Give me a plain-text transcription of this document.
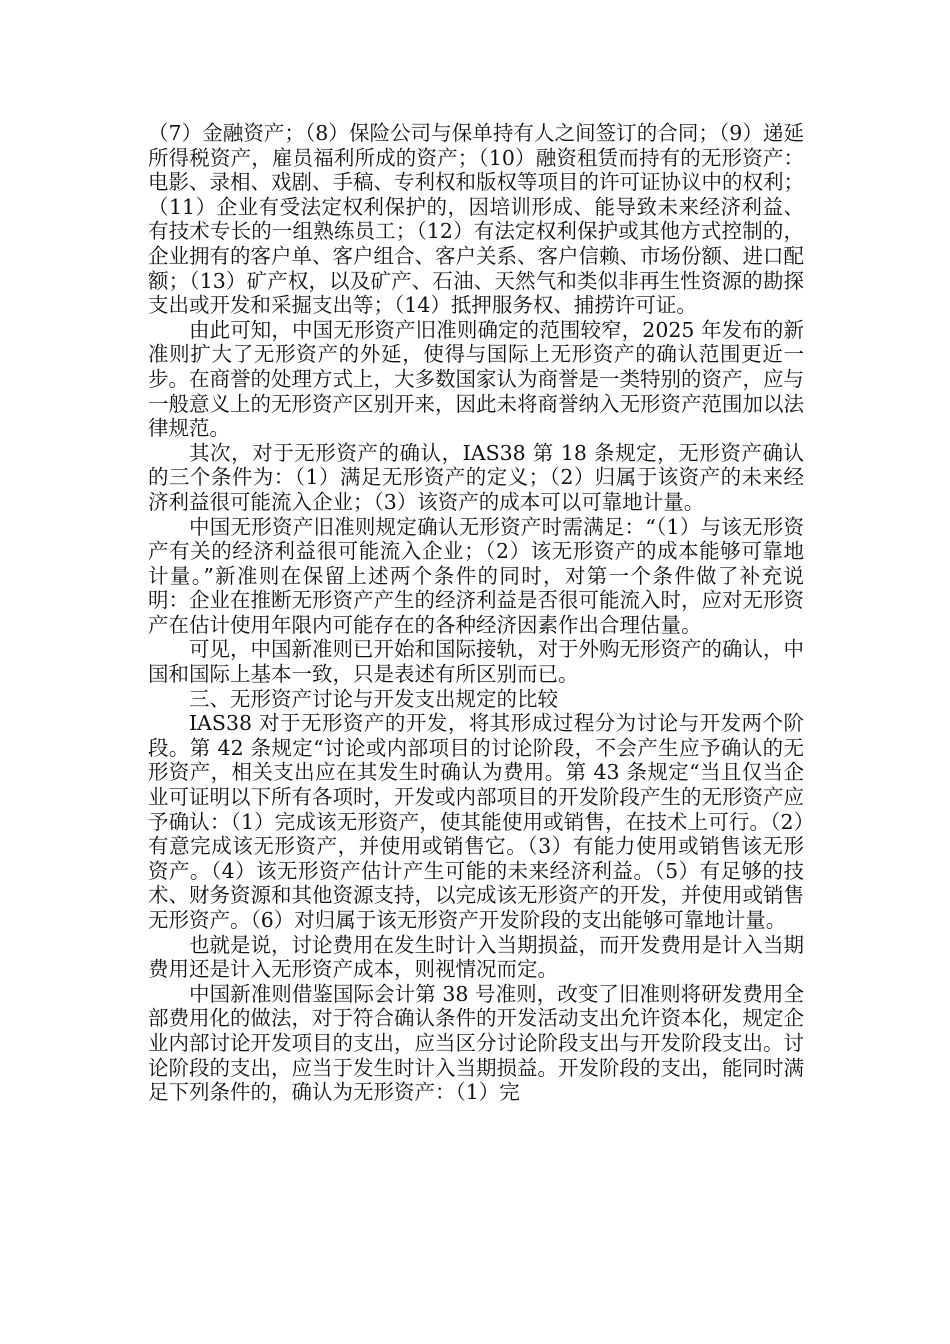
（7）金融资产；（8）保险公司与保单持有人之间签订的合同；（9）递延所得税资产，雇员福利所成的资产；（10）融资租赁而持有的无形资产：电影、录相、戏剧、手稿、专利权和版权等项目的许可证协议中的权利；（11）企业有受法定权利保护的，因培训形成、能导致未来经济利益、有技术专长的一组熟练员工；（12）有法定权利保护或其他方式控制的，企业拥有的客户单、客户组合、客户关系、客户信赖、市场份额、进口配额；（13）矿产权，以及矿产、石油、天然气和类似非再生性资源的勘探支出或开发和采掘支出等；（14）抵押服务权、捕捞许可证。

由此可知，中国无形资产旧准则确定的范围较窄，2025 年发布的新准则扩大了无形资产的外延，使得与国际上无形资产的确认范围更近一步。在商誉的处理方式上，大多数国家认为商誉是一类特别的资产，应与一般意义上的无形资产区别开来，因此未将商誉纳入无形资产范围加以法律规范。

其次，对于无形资产的确认，IAS38 第 18 条规定，无形资产确认的三个条件为：（1）满足无形资产的定义；（2）归属于该资产的未来经济利益很可能流入企业；（3）该资产的成本可以可靠地计量。

中国无形资产旧准则规定确认无形资产时需满足：“（1）与该无形资产有关的经济利益很可能流入企业；（2）该无形资产的成本能够可靠地计量。”新准则在保留上述两个条件的同时，对第一个条件做了补充说明：企业在推断无形资产产生的经济利益是否很可能流入时，应对无形资产在估计使用年限内可能存在的各种经济因素作出合理估量。

可见，中国新准则已开始和国际接轨，对于外购无形资产的确认，中国和国际上基本一致，只是表述有所区别而已。

三、无形资产讨论与开发支出规定的比较

IAS38 对于无形资产的开发，将其形成过程分为讨论与开发两个阶段。第 42 条规定“讨论或内部项目的讨论阶段，不会产生应予确认的无形资产，相关支出应在其发生时确认为费用。第 43 条规定“当且仅当企业可证明以下所有各项时，开发或内部项目的开发阶段产生的无形资产应予确认：（1）完成该无形资产，使其能使用或销售，在技术上可行。（2）有意完成该无形资产，并使用或销售它。（3）有能力使用或销售该无形资产。（4）该无形资产估计产生可能的未来经济利益。（5）有足够的技术、财务资源和其他资源支持，以完成该无形资产的开发，并使用或销售无形资产。（6）对归属于该无形资产开发阶段的支出能够可靠地计量。

也就是说，讨论费用在发生时计入当期损益，而开发费用是计入当期费用还是计入无形资产成本，则视情况而定。

中国新准则借鉴国际会计第 38 号准则，改变了旧准则将研发费用全部费用化的做法，对于符合确认条件的开发活动支出允许资本化，规定企业内部讨论开发项目的支出，应当区分讨论阶段支出与开发阶段支出。讨论阶段的支出，应当于发生时计入当期损益。开发阶段的支出，能同时满足下列条件的，确认为无形资产：（1）完
